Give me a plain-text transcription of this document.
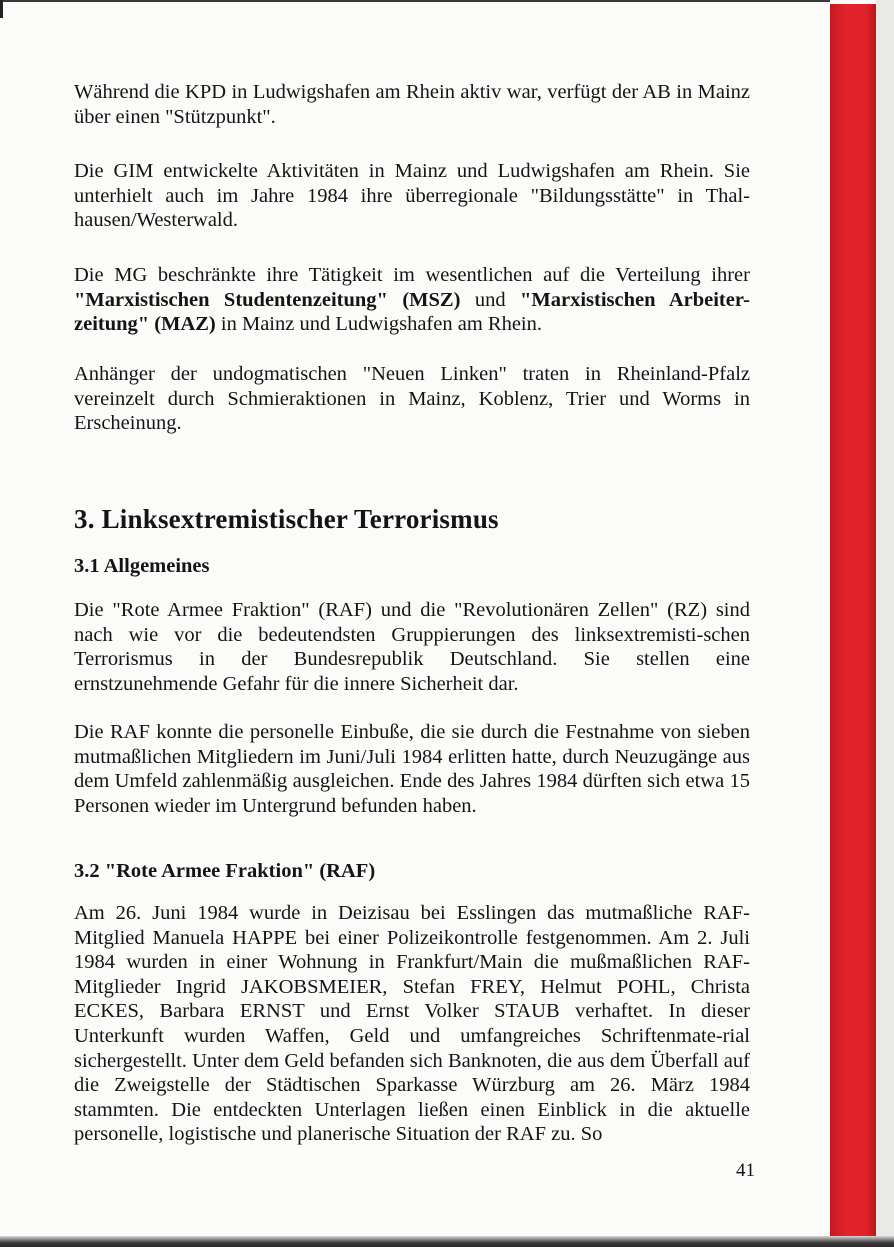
Während die KPD in Ludwigshafen am Rhein aktiv war, verfügt der AB in Mainz über einen "Stützpunkt".

Die GIM entwickelte Aktivitäten in Mainz und Ludwigshafen am Rhein. Sie unterhielt auch im Jahre 1984 ihre überregionale "Bildungsstätte" in Thal-hausen/Westerwald.

Die MG beschränkte ihre Tätigkeit im wesentlichen auf die Verteilung ihrer "Marxistischen Studentenzeitung" (MSZ) und "Marxistischen Arbeiter-zeitung" (MAZ) in Mainz und Ludwigshafen am Rhein.

Anhänger der undogmatischen "Neuen Linken" traten in Rheinland-Pfalz vereinzelt durch Schmieraktionen in Mainz, Koblenz, Trier und Worms in Erscheinung.

3. Linksextremistischer Terrorismus
3.1 Allgemeines

Die "Rote Armee Fraktion" (RAF) und die "Revolutionären Zellen" (RZ) sind nach wie vor die bedeutendsten Gruppierungen des linksextremisti-schen Terrorismus in der Bundesrepublik Deutschland. Sie stellen eine ernstzunehmende Gefahr für die innere Sicherheit dar.

Die RAF konnte die personelle Einbuße, die sie durch die Festnahme von sieben mutmaßlichen Mitgliedern im Juni/Juli 1984 erlitten hatte, durch Neuzugänge aus dem Umfeld zahlenmäßig ausgleichen. Ende des Jahres 1984 dürften sich etwa 15 Personen wieder im Untergrund befunden haben.

3.2 "Rote Armee Fraktion" (RAF)

Am 26. Juni 1984 wurde in Deizisau bei Esslingen das mutmaßliche RAF-Mitglied Manuela HAPPE bei einer Polizeikontrolle festgenommen. Am 2. Juli 1984 wurden in einer Wohnung in Frankfurt/Main die mußmaßlichen RAF-Mitglieder Ingrid JAKOBSMEIER, Stefan FREY, Helmut POHL, Christa ECKES, Barbara ERNST und Ernst Volker STAUB verhaftet. In dieser Unterkunft wurden Waffen, Geld und umfangreiches Schriftenmate-rial sichergestellt. Unter dem Geld befanden sich Banknoten, die aus dem Überfall auf die Zweigstelle der Städtischen Sparkasse Würzburg am 26. März 1984 stammten. Die entdeckten Unterlagen ließen einen Einblick in die aktuelle personelle, logistische und planerische Situation der RAF zu. So

41
